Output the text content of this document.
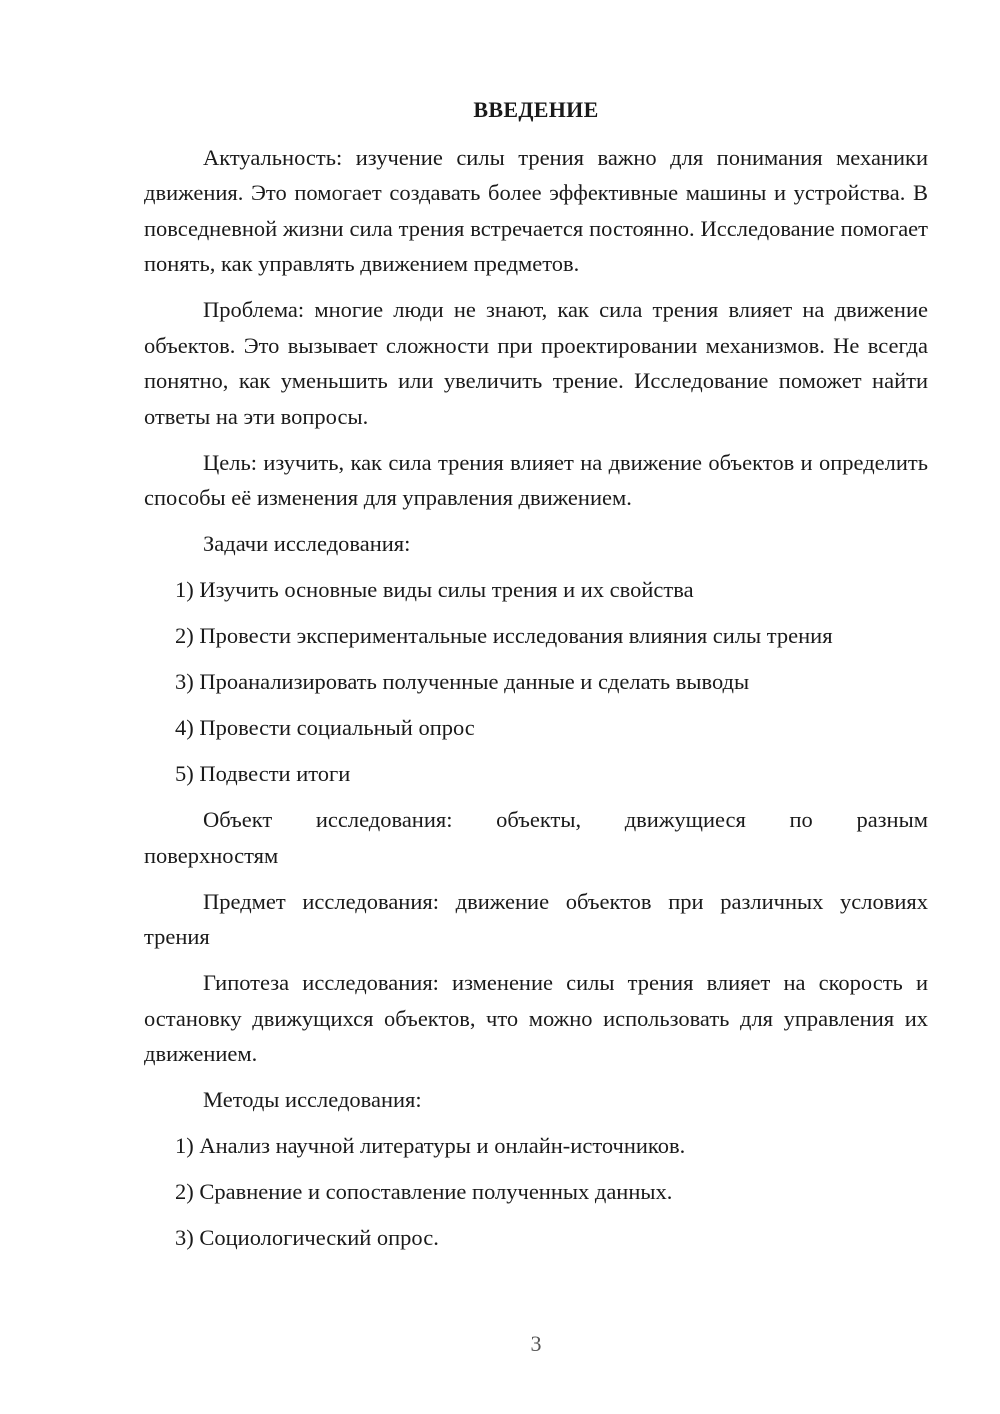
ВВЕДЕНИЕ

Актуальность: изучение силы трения важно для понимания механики движения. Это помогает создавать более эффективные машины и устройства. В повседневной жизни сила трения встречается постоянно. Исследование помогает понять, как управлять движением предметов.

Проблема: многие люди не знают, как сила трения влияет на движение объектов. Это вызывает сложности при проектировании механизмов. Не всегда понятно, как уменьшить или увеличить трение. Исследование поможет найти ответы на эти вопросы.

Цель: изучить, как сила трения влияет на движение объектов и определить способы её изменения для управления движением.

Задачи исследования:
1) Изучить основные виды силы трения и их свойства
2) Провести экспериментальные исследования влияния силы трения
3) Проанализировать полученные данные и сделать выводы
4) Провести социальный опрос
5) Подвести итоги
Объект исследования: объекты, движущиеся по разным
поверхностям

Предмет исследования: движение объектов при различных условиях трения

Гипотеза исследования: изменение силы трения влияет на скорость и остановку движущихся объектов, что можно использовать для управления их движением.

Методы исследования:
1) Анализ научной литературы и онлайн-источников.
2) Сравнение и сопоставление полученных данных.
3) Социологический опрос.
3
